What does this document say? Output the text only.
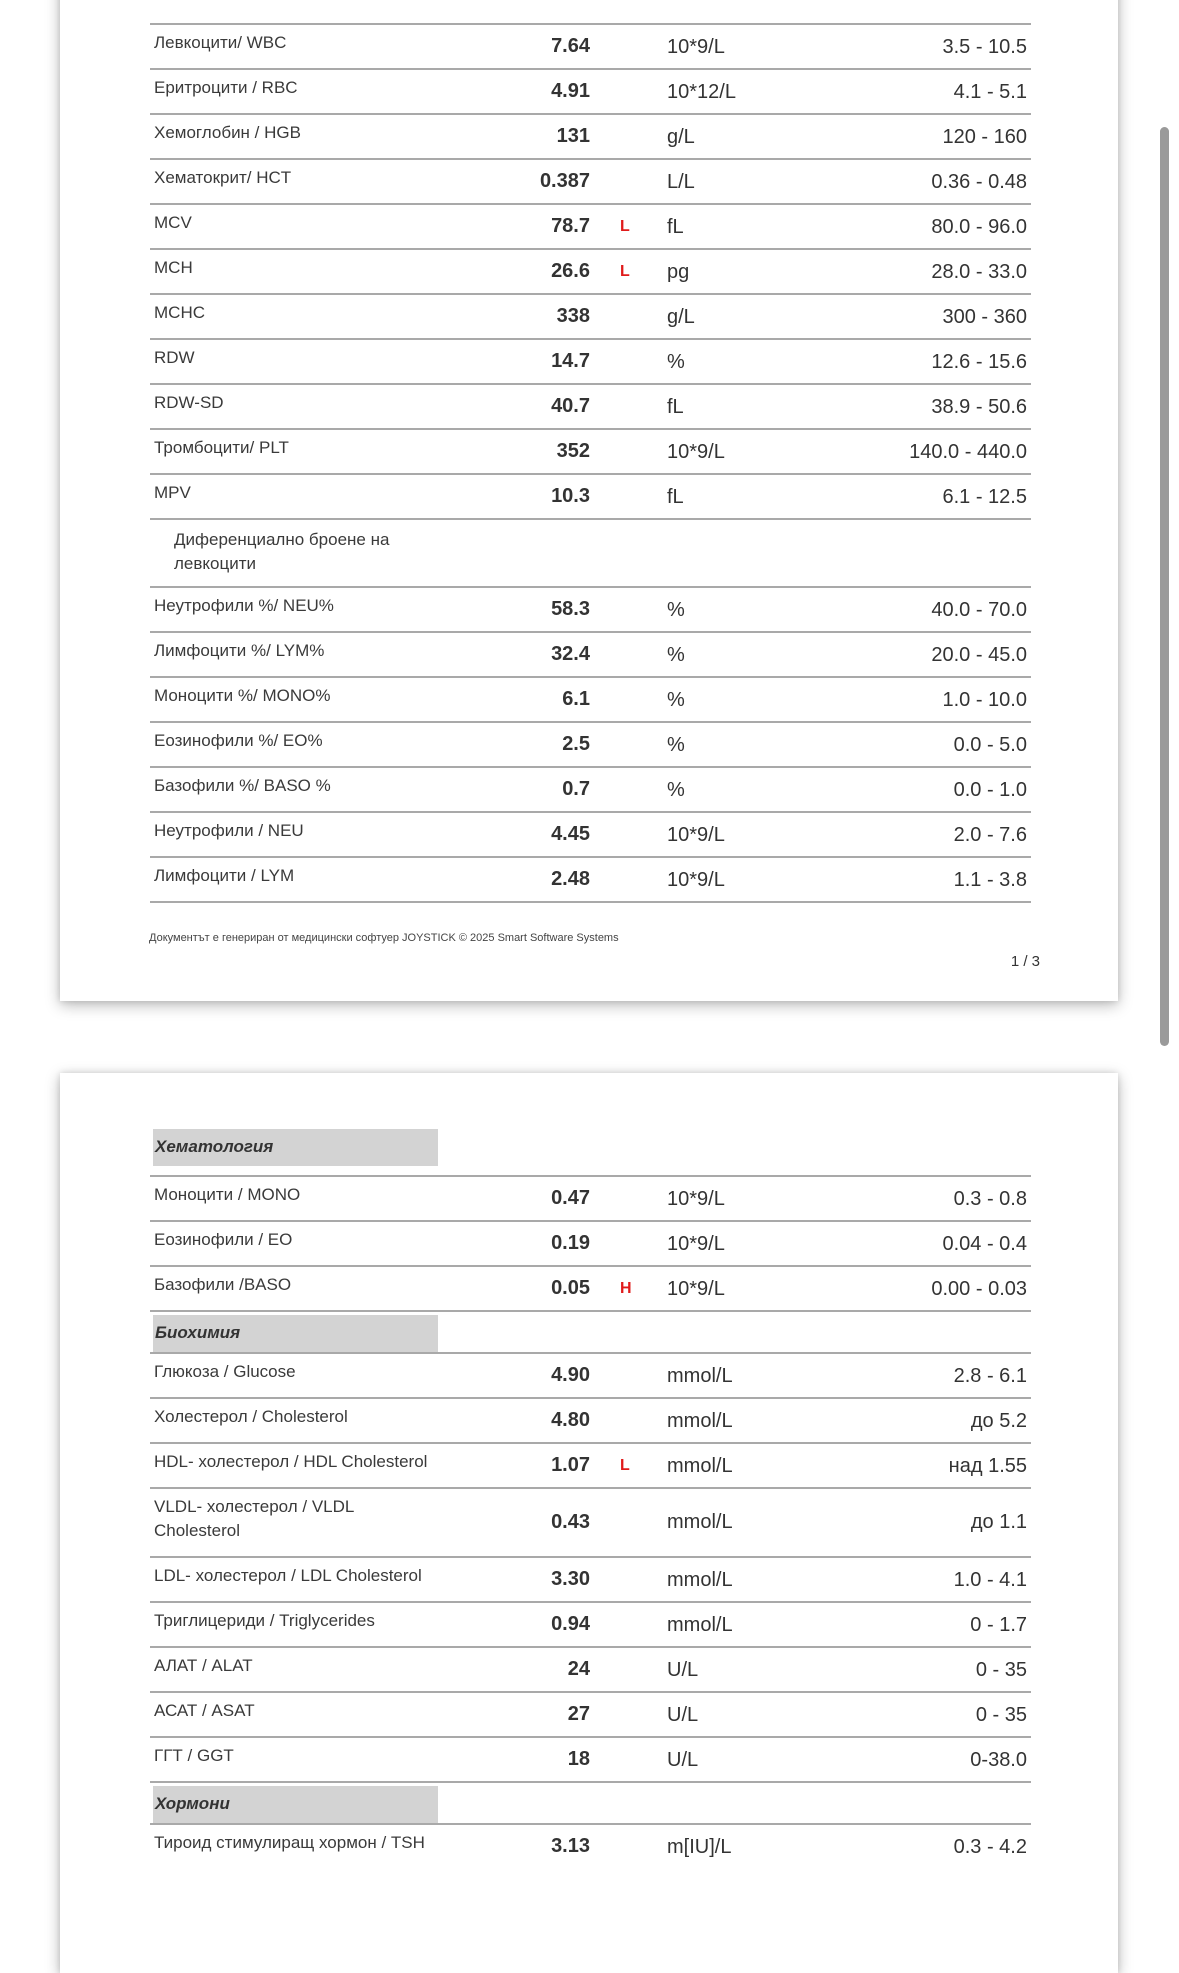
Левкоцити/ WBC	7.64	10*9/L	3.5 - 10.5
Еритроцити / RBC	4.91	10*12/L	4.1 - 5.1
Хемоглобин / HGB	131	g/L	120 - 160
Хематокрит/ HCT	0.387	L/L	0.36 - 0.48
MCV	78.7 L fL	80.0 - 96.0
MCH	26.6 L pg	28.0 - 33.0
MCHC	338	g/L	300 - 360
RDW	14.7	%	12.6 - 15.6
RDW-SD	40.7	fL	38.9 - 50.6
Тромбоцити/ PLT	352	10*9/L	140.0 - 440.0
MPV	10.3	fL	6.1 - 12.5
Диференциално броене на левкоцити
Неутрофили %/ NEU%	58.3	%	40.0 - 70.0
Лимфоцити %/ LYM%	32.4	%	20.0 - 45.0
Моноцити %/ MONO%	6.1	%	1.0 - 10.0
Еозинофили %/ EO%	2.5	%	0.0 - 5.0
Базофили %/ BASO %	0.7	%	0.0 - 1.0
Неутрофили / NEU	4.45	10*9/L	2.0 - 7.6
Лимфоцити / LYM	2.48	10*9/L	1.1 - 3.8
Документът е генериран от медицински софтуер JOYSTICK © 2025 Smart Software Systems
1 / 3
Хематология
Моноцити / MONO	0.47	10*9/L	0.3 - 0.8
Еозинофили / EO	0.19	10*9/L	0.04 - 0.4
Базофили /BASO	0.05 H 10*9/L	0.00 - 0.03
Биохимия
Глюкоза / Glucose	4.90	mmol/L	2.8 - 6.1
Холестерол / Cholesterol	4.80	mmol/L	до 5.2
HDL- холестерол / HDL Cholesterol	1.07 L mmol/L	над 1.55
VLDL- холестерол / VLDL Cholesterol	0.43	mmol/L	до 1.1
LDL- холестерол / LDL Cholesterol	3.30	mmol/L	1.0 - 4.1
Триглицериди / Triglycerides	0.94	mmol/L	0 - 1.7
АЛАТ / ALAT	24	U/L	0 - 35
АСАТ / ASAT	27	U/L	0 - 35
ГГТ / GGT	18	U/L	0-38.0
Хормони
Тироид стимулиращ хормон / TSH	3.13	m[IU]/L	0.3 - 4.2
